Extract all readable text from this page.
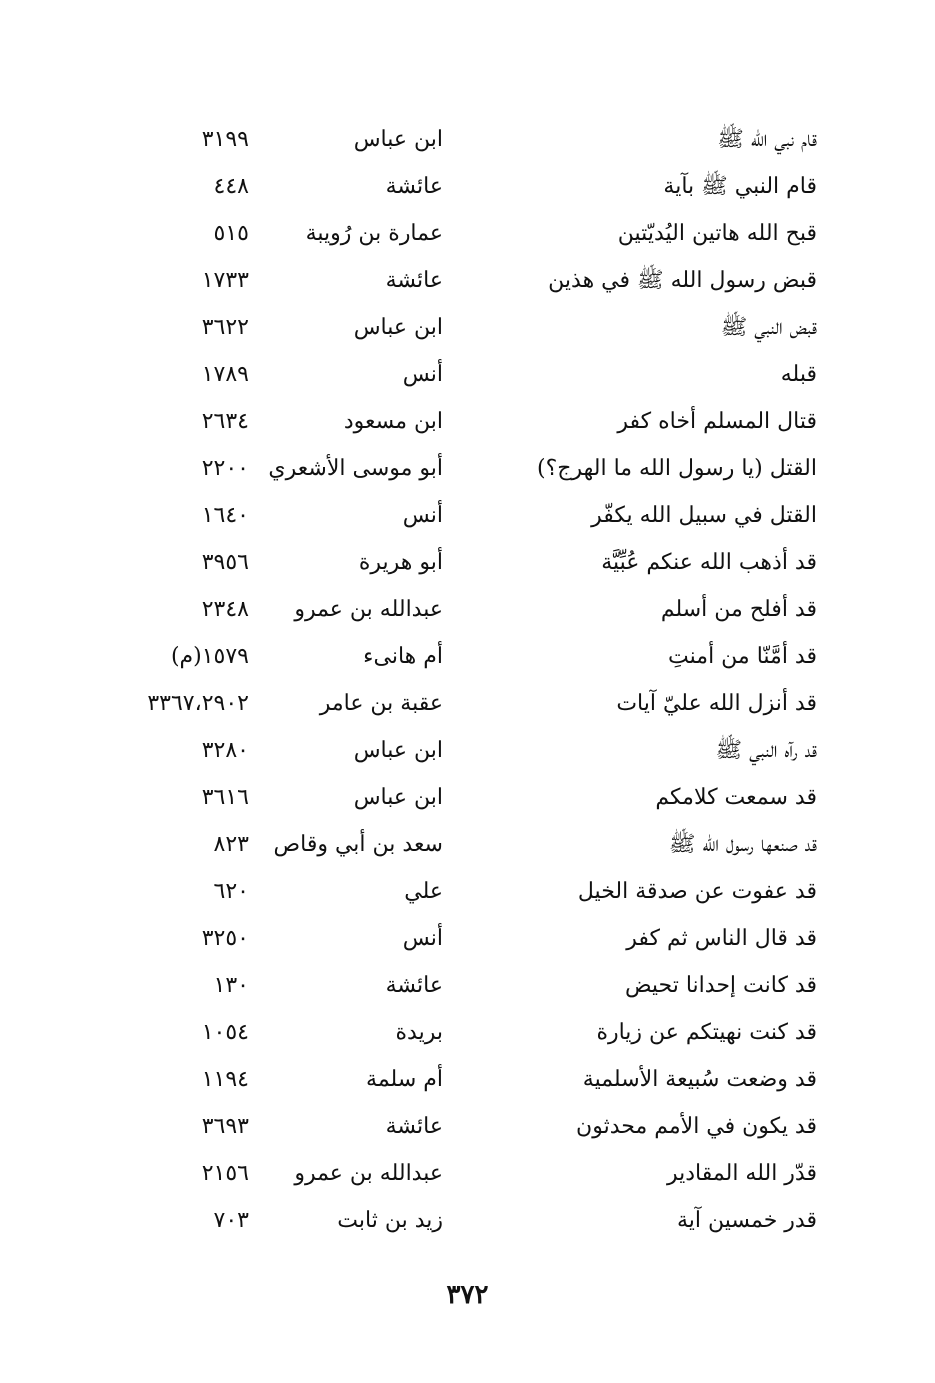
قام نبي الله ﷺ
ابن عباس
٣١٩٩
قام النبي ﷺ بآية
عائشة
٤٤٨
قبح الله هاتين اليُديّتين
عمارة بن رُويبة
٥١٥
قبض رسول الله ﷺ في هذين
عائشة
١٧٣٣
قبض النبي ﷺ
ابن عباس
٣٦٢٢
قبله
أنس
١٧٨٩
قتال المسلم أخاه كفر
ابن مسعود
٢٦٣٤
القتل (يا رسول الله ما الهرج؟)
أبو موسى الأشعري
٢٢٠٠
القتل في سبيل الله يكفّر
أنس
١٦٤٠
قد أذهب الله عنكم عُبِّيَّة
أبو هريرة
٣٩٥٦
قد أفلح من أسلم
عبدالله بن عمرو
٢٣٤٨
قد أمَّنّا من أمنتِ
أم هانىء
١٥٧٩(م)
قد أنزل الله عليّ آيات
عقبة بن عامر
٣٣٦٧،٢٩٠٢
قد رآه النبي ﷺ
ابن عباس
٣٢٨٠
قد سمعت كلامكم
ابن عباس
٣٦١٦
قد صنعها رسول الله ﷺ
سعد بن أبي وقاص
٨٢٣
قد عفوت عن صدقة الخيل
علي
٦٢٠
قد قال الناس ثم كفر
أنس
٣٢٥٠
قد كانت إحدانا تحيض
عائشة
١٣٠
قد كنت نهيتكم عن زيارة
بريدة
١٠٥٤
قد وضعت سُبيعة الأسلمية
أم سلمة
١١٩٤
قد يكون في الأمم محدثون
عائشة
٣٦٩٣
قدّر الله المقادير
عبدالله بن عمرو
٢١٥٦
قدر خمسين آية
زيد بن ثابت
٧٠٣
٣٧٢
